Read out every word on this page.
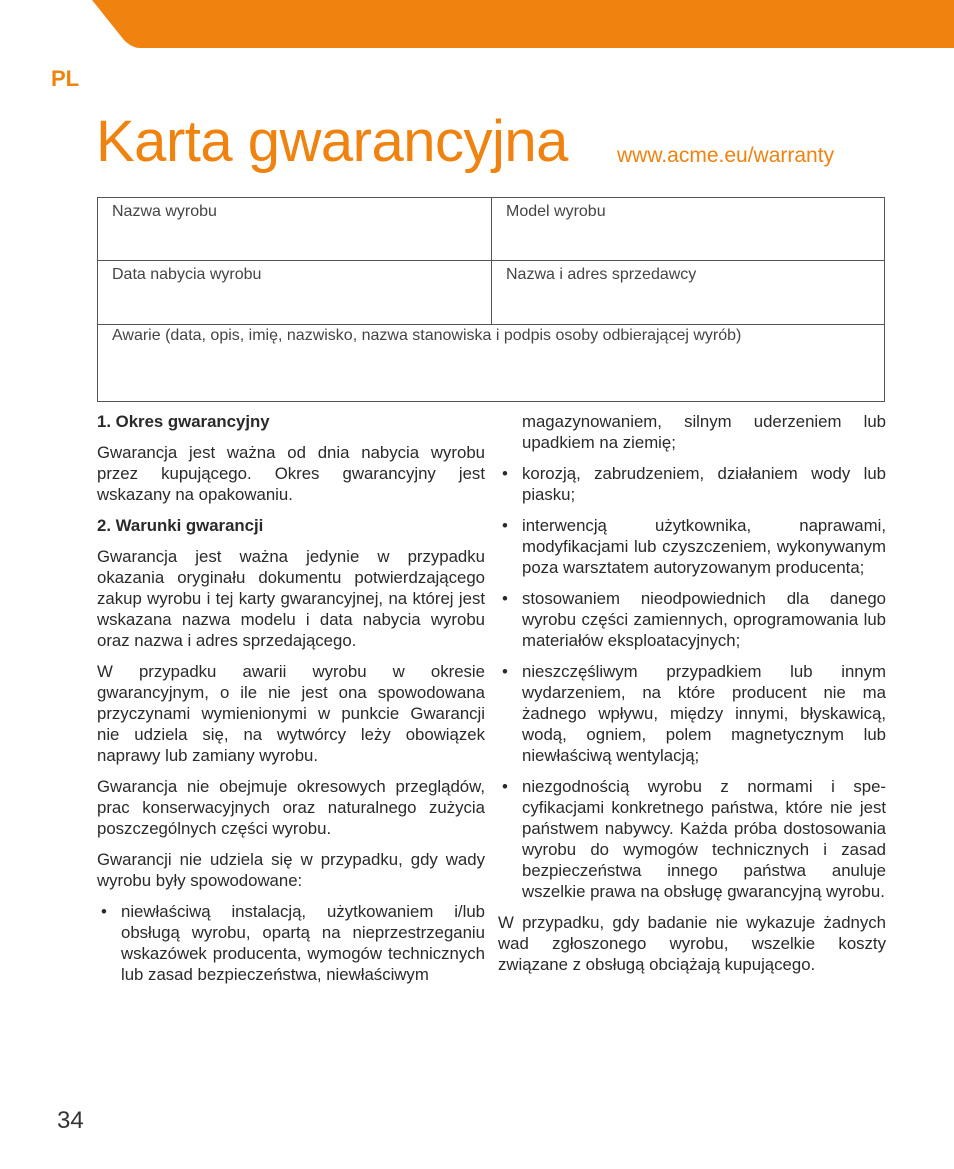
PL
Karta gwarancyjna www.acme.eu/warranty
Nazwa wyrobu	Model wyrobu
Data nabycia wyrobu	Nazwa i adres sprzedawcy
Awarie (data, opis, imię, nazwisko, nazwa stanowiska i podpis osoby odbierającej wyrób)

1. Okres gwarancyjny

Gwarancja jest ważna od dnia nabycia wyrobu przez kupującego. Okres gwarancyjny jest wskazany na opakowaniu.

2. Warunki gwarancji

Gwarancja jest ważna jedynie w przypadku okazania oryginału dokumentu potwierdzającego zakup wyrobu i tej karty gwarancyjnej, na której jest wskazana nazwa modelu i data nabycia wyrobu oraz nazwa i adres sprzedającego.

W przypadku awarii wyrobu w okresie gwarancyjnym, o ile nie jest ona spowodowana przyczynami wymienionymi w punkcie Gwarancji nie udziela się, na wytwórcy leży obowiązek naprawy lub zamiany wyrobu.

Gwarancja nie obejmuje okresowych przeglądów, prac konserwacyjnych oraz naturalnego zużycia poszczególnych części wyrobu.

Gwarancji nie udziela się w przypadku, gdy wady wyrobu były spowodowane:

• niewłaściwą instalacją, użytkowaniem i/lub obsługą wyrobu, opartą na nieprzestrzeganiu wskazówek producenta, wymogów technicznych lub zasad bezpieczeństwa, niewłaściwym
magazynowaniem, silnym uderzeniem lub upadkiem na ziemię;
• korozją, zabrudzeniem, działaniem wody lub piasku;
• interwencją użytkownika, naprawami, modyfikacjami lub czyszczeniem, wykonywanym poza warsztatem autoryzowanym producenta;
• stosowaniem nieodpowiednich dla danego wyrobu części zamiennych, oprogramowania lub materiałów eksploatacyjnych;
• nieszczęśliwym przypadkiem lub innym wydarzeniem, na które producent nie ma żadnego wpływu, między innymi, błyskawicą, wodą, ogniem, polem magnetycznym lub niewłaściwą wentylacją;
• niezgodnością wyrobu z normami i specyfikacjami konkretnego państwa, które nie jest państwem nabywcy. Każda próba dostosowania wyrobu do wymogów technicznych i zasad bezpieczeństwa innego państwa anuluje wszelkie prawa na obsługę gwarancyjną wyrobu.

W przypadku, gdy badanie nie wykazuje żadnych wad zgłoszonego wyrobu, wszelkie koszty związane z obsługą obciążają kupującego.

34
